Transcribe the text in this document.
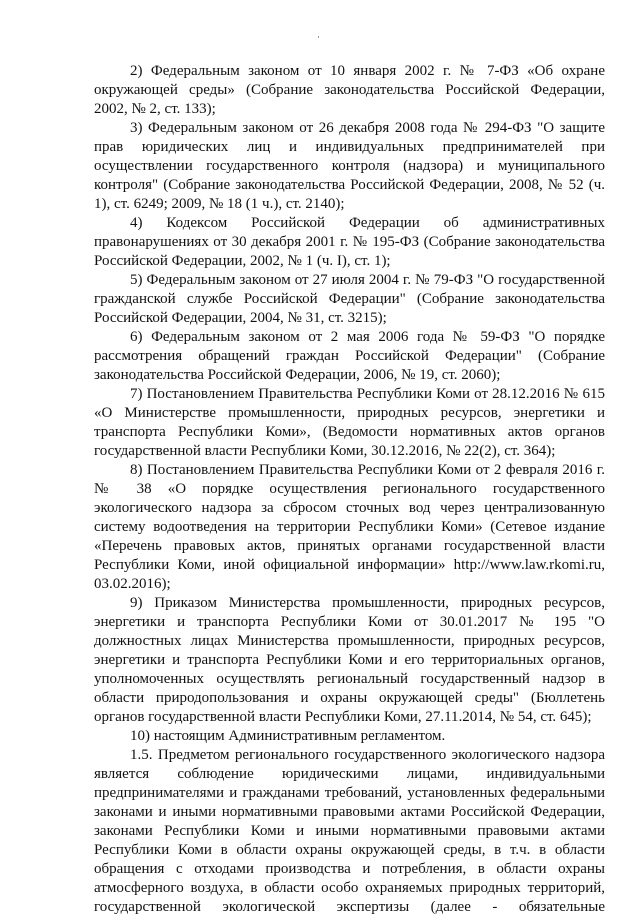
2) Федеральным законом от 10 января 2002 г. № 7-ФЗ «Об охране
окружающей среды» (Собрание законодательства Российской Федерации,
2002, № 2, ст. 133);
3) Федеральным законом от 26 декабря 2008 года № 294-ФЗ "О защите
прав юридических лиц и индивидуальных предпринимателей при
осуществлении государственного контроля (надзора) и муниципального
контроля" (Собрание законодательства Российской Федерации, 2008, № 52 (ч.
1), ст. 6249; 2009, № 18 (1 ч.), ст. 2140);
4) Кодексом Российской Федерации об административных
правонарушениях от 30 декабря 2001 г. № 195-ФЗ (Собрание законодательства
Российской Федерации, 2002, № 1 (ч. I), ст. 1);
5) Федеральным законом от 27 июля 2004 г. № 79-ФЗ "О государственной
гражданской службе Российской Федерации" (Собрание законодательства
Российской Федерации, 2004, № 31, ст. 3215);
6) Федеральным законом от 2 мая 2006 года № 59-ФЗ "О порядке
рассмотрения обращений граждан Российской Федерации" (Собрание
законодательства Российской Федерации, 2006, № 19, ст. 2060);
7) Постановлением Правительства Республики Коми от 28.12.2016 № 615
«О Министерстве промышленности, природных ресурсов, энергетики и
транспорта Республики Коми», (Ведомости нормативных актов органов
государственной власти Республики Коми, 30.12.2016, № 22(2), ст. 364);
8) Постановлением Правительства Республики Коми от 2 февраля 2016 г.
№ 38 «О порядке осуществления регионального государственного
экологического надзора за сбросом сточных вод через централизованную
систему водоотведения на территории Республики Коми» (Сетевое издание
«Перечень правовых актов, принятых органами государственной власти
Республики Коми, иной официальной информации» http://www.law.rkomi.ru,
03.02.2016);
9) Приказом Министерства промышленности, природных ресурсов,
энергетики и транспорта Республики Коми от 30.01.2017 № 195 "О
должностных лицах Министерства промышленности, природных ресурсов,
энергетики и транспорта Республики Коми и его территориальных органов,
уполномоченных осуществлять региональный государственный надзор в
области природопользования и охраны окружающей среды" (Бюллетень
органов государственной власти Республики Коми, 27.11.2014, № 54, ст. 645);
10) настоящим Административным регламентом.
1.5. Предметом регионального государственного экологического надзора
является соблюдение юридическими лицами, индивидуальными
предпринимателями и гражданами требований, установленных федеральными
законами и иными нормативными правовыми актами Российской Федерации,
законами Республики Коми и иными нормативными правовыми актами
Республики Коми в области охраны окружающей среды, в т.ч. в области
обращения с отходами производства и потребления, в области охраны
атмосферного воздуха, в области особо охраняемых природных территорий,
государственной экологической экспертизы (далее - обязательные
